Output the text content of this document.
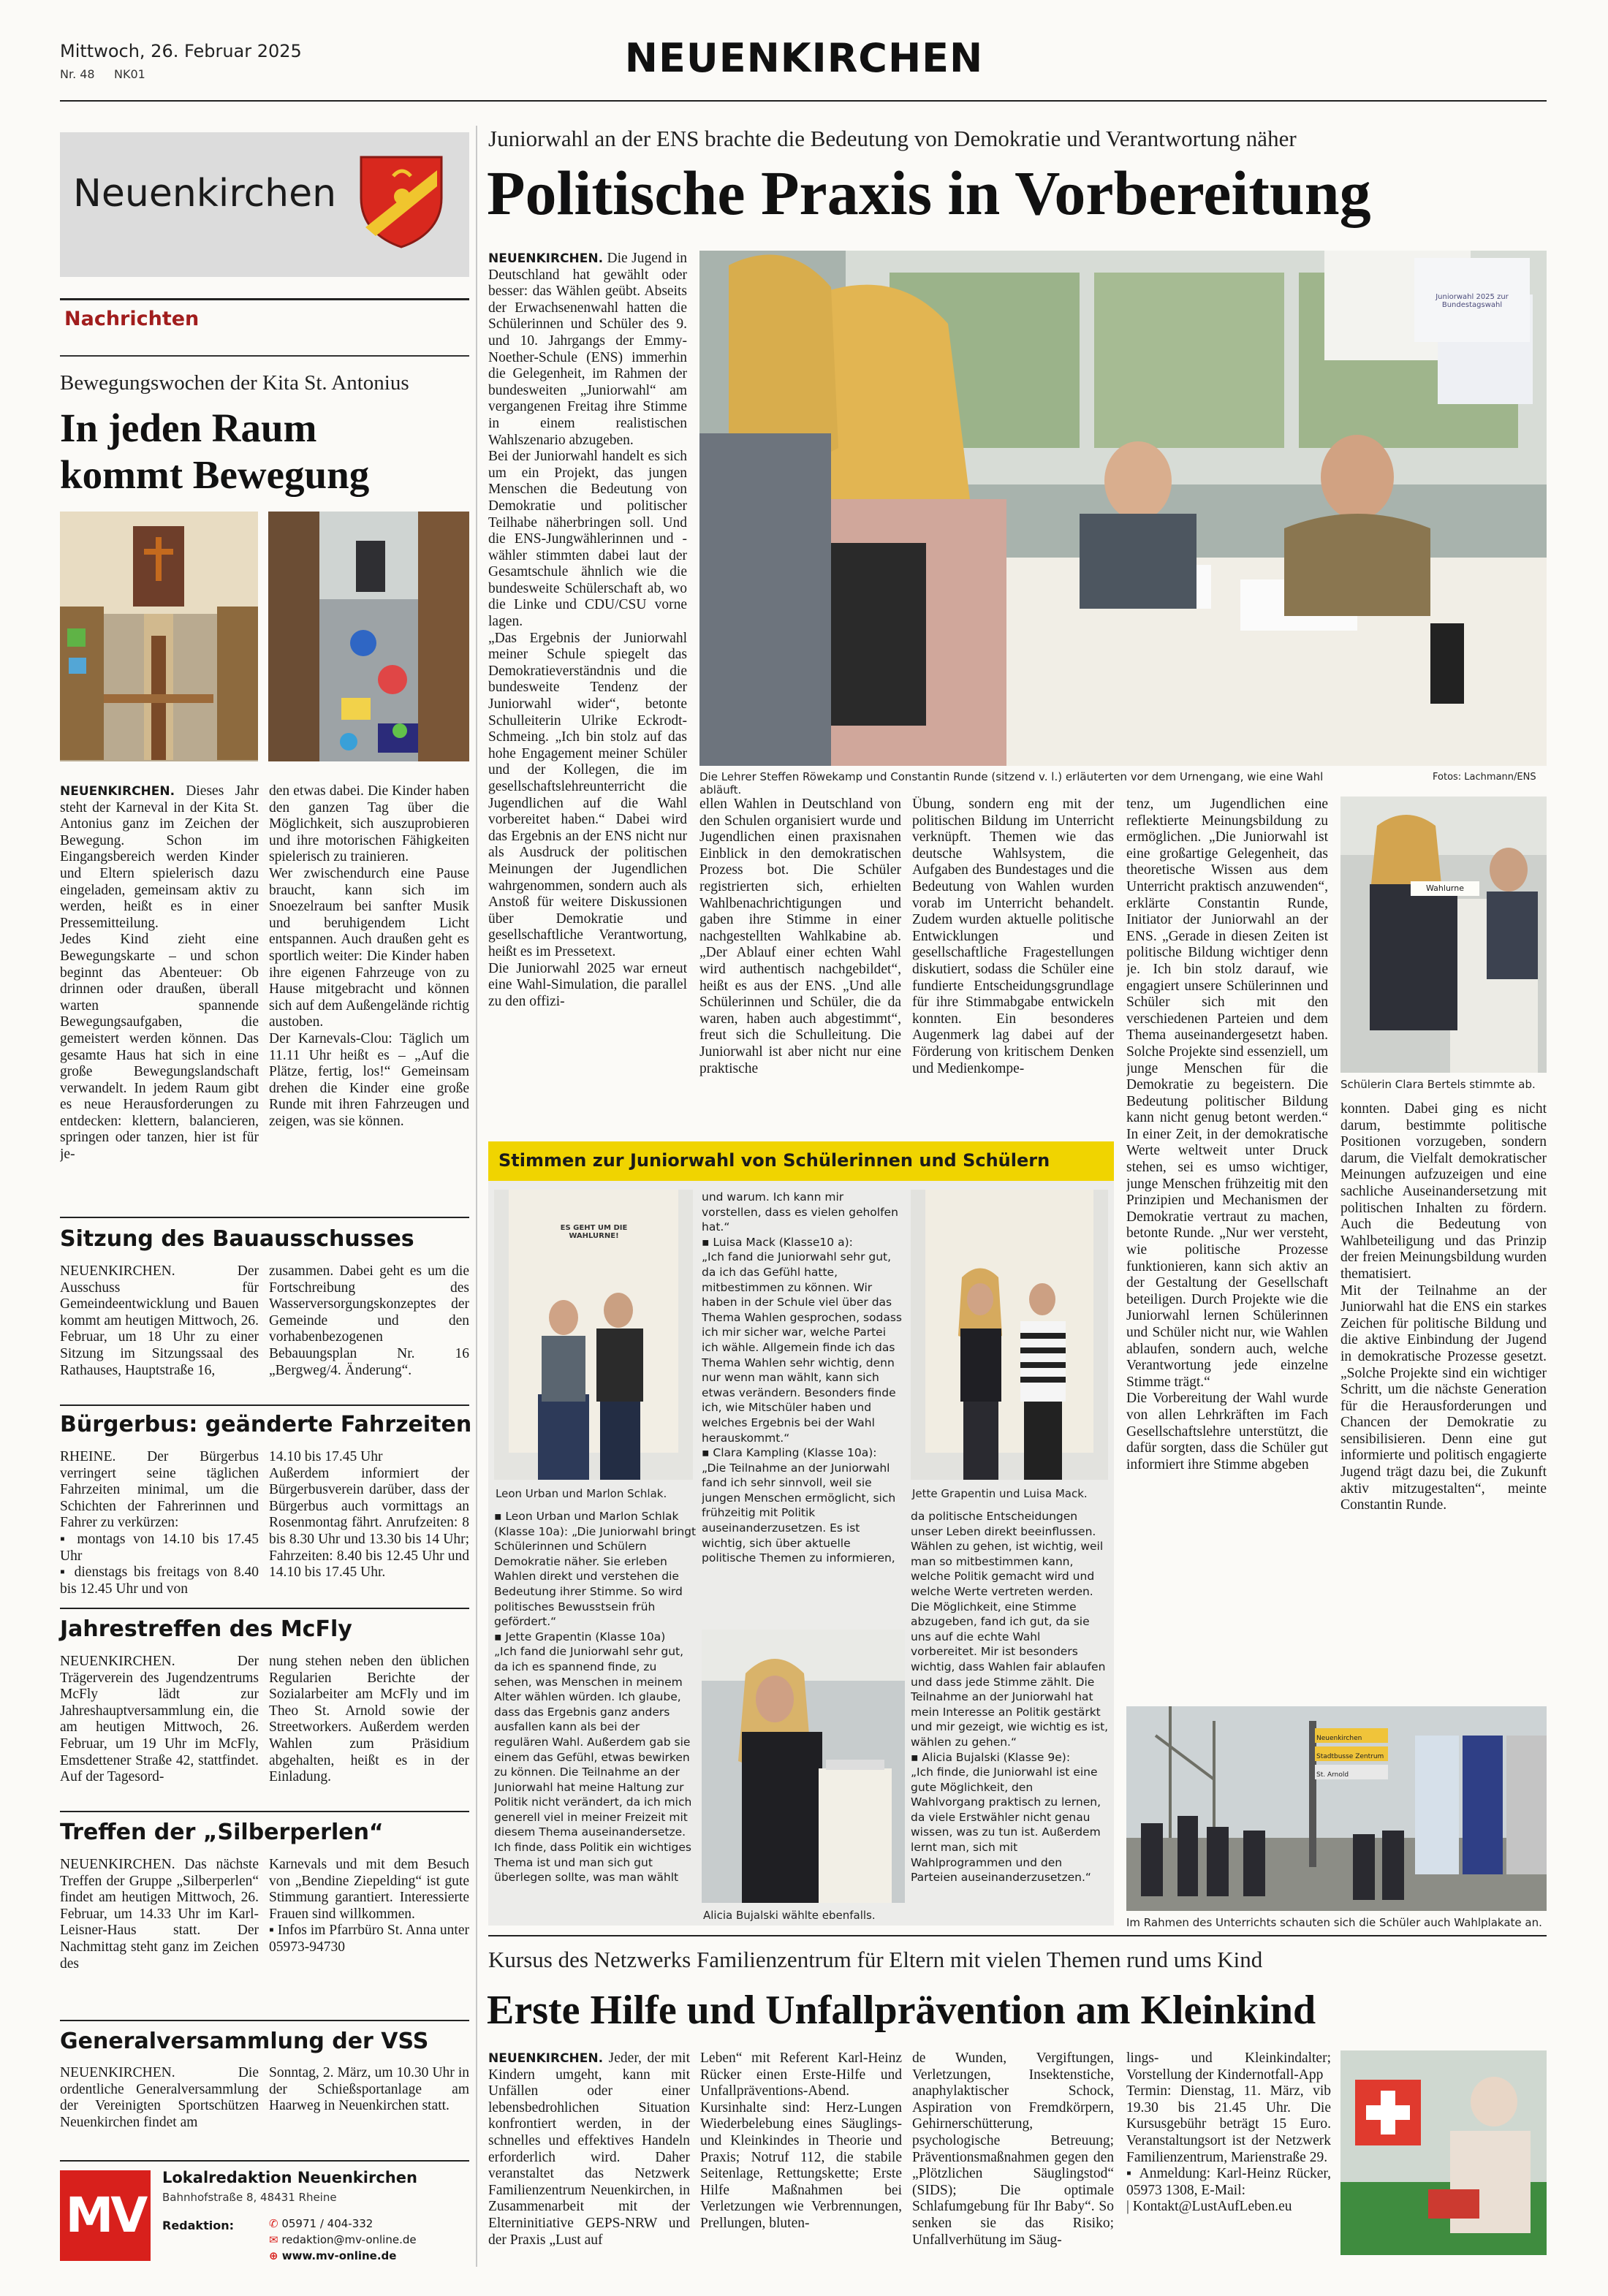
Mittwoch, 26. Februar 2025
Nr. 48 NK01	NEUENKIRCHEN
Neuenkirchen
Nachrichten
Bewegungswochen der Kita St. Antonius
In jeden Raum kommt Bewegung
NEUENKIRCHEN. Dieses Jahr steht der Karneval in der Kita St. Antonius ganz im Zeichen der Bewegung. Schon im Eingangsbereich werden Kinder und Eltern spielerisch dazu eingeladen, gemeinsam aktiv zu werden, heißt es in einer Pressemitteilung.
Jedes Kind zieht eine Bewegungskarte – und schon beginnt das Abenteuer: Ob drinnen oder draußen, überall warten spannende Bewegungsaufgaben, die gemeistert werden können. Das gesamte Haus hat sich in eine große Bewegungslandschaft verwandelt. In jedem Raum gibt es neue Herausforderungen zu entdecken: klettern, balancieren, springen oder tanzen, hier ist für je-
den etwas dabei. Die Kinder haben den ganzen Tag über die Möglichkeit, sich auszuprobieren und ihre motorischen Fähigkeiten spielerisch zu trainieren.
Wer zwischendurch eine Pause braucht, kann sich im Snoezelraum bei sanfter Musik und beruhigendem Licht entspannen. Auch draußen geht es sportlich weiter: Die Kinder haben ihre eigenen Fahrzeuge von zu Hause mitgebracht und können sich auf dem Außengelände richtig austoben.
Der Karnevals-Clou: Täglich um 11.11 Uhr heißt es – „Auf die Plätze, fertig, los!“ Gemeinsam drehen die Kinder eine große Runde mit ihren Fahrzeugen und zeigen, was sie können.
Sitzung des Bauausschusses
NEUENKIRCHEN. Der Ausschuss für Gemeindeentwicklung und Bauen kommt am heutigen Mittwoch, 26. Februar, um 18 Uhr zu einer Sitzung im Sitzungssaal des Rathauses, Hauptstraße 16,
zusammen. Dabei geht es um die Fortschreibung des Wasserversorgungskonzeptes der Gemeinde und den vorhabenbezogenen Bebauungsplan Nr. 16 „Bergweg/4. Änderung“.
Bürgerbus: geänderte Fahrzeiten
RHEINE. Der Bürgerbus verringert seine täglichen Fahrzeiten minimal, um die Schichten der Fahrerinnen und Fahrer zu verkürzen:
▪ montags von 14.10 bis 17.45 Uhr
▪ dienstags bis freitags von 8.40 bis 12.45 Uhr und von
14.10 bis 17.45 Uhr
Außerdem informiert der Bürgerbusverein darüber, dass der Bürgerbus auch vormittags an Rosenmontag fährt. Anrufzeiten: 8 bis 8.30 Uhr und 13.30 bis 14 Uhr; Fahrzeiten: 8.40 bis 12.45 Uhr und 14.10 bis 17.45 Uhr.
Jahrestreffen des McFly
NEUENKIRCHEN. Der Trägerverein des Jugendzentrums McFly lädt zur Jahreshauptversammlung ein, die am heutigen Mittwoch, 26. Februar, um 19 Uhr im McFly, Emsdettener Straße 42, stattfindet. Auf der Tagesord-
nung stehen neben den üblichen Regularien Berichte der Sozialarbeiter am McFly und im Theo St. Arnold sowie der Streetworkers. Außerdem werden Wahlen zum Präsidium abgehalten, heißt es in der Einladung.
Treffen der „Silberperlen“
NEUENKIRCHEN. Das nächste Treffen der Gruppe „Silberperlen“ findet am heutigen Mittwoch, 26. Februar, um 14.33 Uhr im Karl-Leisner-Haus statt. Der Nachmittag steht ganz im Zeichen des
Karnevals und mit dem Besuch von „Bendine Ziepelding“ ist gute Stimmung garantiert. Interessierte Frauen sind willkommen.
▪ Infos im Pfarrbüro St. Anna unter 05973-94730
Generalversammlung der VSS
NEUENKIRCHEN. Die ordentliche Generalversammlung der Vereinigten Sportschützen Neuenkirchen findet am
Sonntag, 2. März, um 10.30 Uhr in der Schießsportanlage am Haarweg in Neuenkirchen statt.
MV
Lokalredaktion Neuenkirchen
Bahnhofstraße 8, 48431 Rheine
Redaktion:	✆ 05971 / 404-332
✉ redaktion@mv-online.de
⊕ www.mv-online.de
Juniorwahl an der ENS brachte die Bedeutung von Demokratie und Verantwortung näher
Politische Praxis in Vorbereitung
NEUENKIRCHEN. Die Jugend in Deutschland hat gewählt oder besser: das Wählen geübt. Abseits der Erwachsenenwahl hatten die Schülerinnen und Schüler des 9. und 10. Jahrgangs der Emmy-Noether-Schule (ENS) immerhin die Gelegenheit, im Rahmen der bundesweiten „Juniorwahl“ am vergangenen Freitag ihre Stimme in einem realistischen Wahlszenario abzugeben.
Bei der Juniorwahl handelt es sich um ein Projekt, das jungen Menschen die Bedeutung von Demokratie und politischer Teilhabe näherbringen soll. Und die ENS-Jungwählerinnen und -wähler stimmten dabei laut der Gesamtschule ähnlich wie die bundesweite Schülerschaft ab, wo die Linke und CDU/CSU vorne lagen.
„Das Ergebnis der Juniorwahl meiner Schule spiegelt das Demokratieverständnis und die bundesweite Tendenz der Juniorwahl wider“, betonte Schulleiterin Ulrike Eckrodt-Schmeing. „Ich bin stolz auf das hohe Engagement meiner Schüler und der Kollegen, die im gesellschaftslehreunterricht die Jugendlichen auf die Wahl vorbereitet haben.“ Dabei wird das Ergebnis an der ENS nicht nur als Ausdruck der politischen Meinungen der Jugendlichen wahrgenommen, sondern auch als Anstoß für weitere Diskussionen über Demokratie und gesellschaftliche Verantwortung, heißt es im Pressetext.
Die Juniorwahl 2025 war erneut eine Wahl-Simulation, die parallel zu den offizi-
Juniorwahl 2025 zur Bundestagswahl
Die Lehrer Steffen Röwekamp und Constantin Runde (sitzend v. l.) erläuterten vor dem Urnengang, wie eine Wahl abläuft.
Fotos: Lachmann/ENS
ellen Wahlen in Deutschland von den Schulen organisiert wurde und Jugendlichen einen praxisnahen Einblick in den demokratischen Prozess bot. Die Schüler registrierten sich, erhielten Wahlbenachrichtigungen und gaben ihre Stimme in einer nachgestellten Wahlkabine ab. „Der Ablauf einer echten Wahl wird authentisch nachgebildet“, heißt es aus der ENS. „Und alle Schülerinnen und Schüler, die da waren, haben auch abgestimmt“, freut sich die Schulleitung. Die Juniorwahl ist aber nicht nur eine praktische
Übung, sondern eng mit der politischen Bildung im Unterricht verknüpft. Themen wie das deutsche Wahlsystem, die Aufgaben des Bundestages und die Bedeutung von Wahlen wurden vorab im Unterricht behandelt. Zudem wurden aktuelle politische Entwicklungen und gesellschaftliche Fragestellungen diskutiert, sodass die Schüler eine fundierte Entscheidungsgrundlage für ihre Stimmabgabe entwickeln konnten. Ein besonderes Augenmerk lag dabei auf der Förderung von kritischem Denken und Medienkompe-
tenz, um Jugendlichen eine reflektierte Meinungsbildung zu ermöglichen. „Die Juniorwahl ist eine großartige Gelegenheit, das theoretische Wissen aus dem Unterricht praktisch anzuwenden“, erklärte Constantin Runde, Initiator der Juniorwahl an der ENS. „Gerade in diesen Zeiten ist politische Bildung wichtiger denn je. Ich bin stolz darauf, wie engagiert unsere Schülerinnen und Schüler sich mit den verschiedenen Parteien und dem Thema auseinandergesetzt haben. Solche Projekte sind essenziell, um junge Menschen für die Demokratie zu begeistern. Die Bedeutung politischer Bildung kann nicht genug betont werden.“ In einer Zeit, in der demokratische Werte weltweit unter Druck stehen, sei es umso wichtiger, junge Menschen frühzeitig mit den Prinzipien und Mechanismen der Demokratie vertraut zu machen, betonte Runde. „Nur wer versteht, wie politische Prozesse funktionieren, kann sich aktiv an der Gestaltung der Gesellschaft beteiligen. Durch Projekte wie die Juniorwahl lernen Schülerinnen und Schüler nicht nur, wie Wahlen ablaufen, sondern auch, welche Verantwortung jede einzelne Stimme trägt.“
Die Vorbereitung der Wahl wurde von allen Lehrkräften im Fach Gesellschaftslehre unterstützt, die dafür sorgten, dass die Schüler gut informiert ihre Stimme abgeben
Wahlurne
Schülerin Clara Bertels stimmte ab.
konnten. Dabei ging es nicht darum, bestimmte politische Positionen vorzugeben, sondern darum, die Vielfalt demokratischer Meinungen aufzuzeigen und eine sachliche Auseinandersetzung mit politischen Inhalten zu fördern. Auch die Bedeutung von Wahlbeteiligung und das Prinzip der freien Meinungsbildung wurden thematisiert.
Mit der Teilnahme an der Juniorwahl hat die ENS ein starkes Zeichen für politische Bildung und die aktive Einbindung der Jugend in demokratische Prozesse gesetzt. „Solche Projekte sind ein wichtiger Schritt, um die nächste Generation für die Herausforderungen und Chancen der Demokratie zu sensibilisieren. Denn eine gut informierte und politisch engagierte Jugend trägt dazu bei, die Zukunft aktiv mitzugestalten“, meinte Constantin Runde.
Stimmen zur Juniorwahl von Schülerinnen und Schülern
ES GEHT UM DIE WAHLURNE!
Leon Urban und Marlon Schlak.
▪ Leon Urban und Marlon Schlak (Klasse 10a): „Die Juniorwahl bringt Schülerinnen und Schülern Demokratie näher. Sie erleben Wahlen direkt und verstehen die Bedeutung ihrer Stimme. So wird politisches Bewusstsein früh gefördert.“
▪ Jette Grapentin (Klasse 10a)
„Ich fand die Juniorwahl sehr gut, da ich es spannend finde, zu sehen, was Menschen in meinem Alter wählen würden. Ich glaube, dass das Ergebnis ganz anders ausfallen kann als bei der regulären Wahl. Außerdem gab sie einem das Gefühl, etwas bewirken zu können. Die Teilnahme an der Juniorwahl hat meine Haltung zur Politik nicht verändert, da ich mich generell viel in meiner Freizeit mit diesem Thema auseinandersetze. Ich finde, dass Politik ein wichtiges Thema ist und man sich gut überlegen sollte, was man wählt
und warum. Ich kann mir vorstellen, dass es vielen geholfen hat.“
▪ Luisa Mack (Klasse10 a):
„Ich fand die Juniorwahl sehr gut, da ich das Gefühl hatte, mitbestimmen zu können. Wir haben in der Schule viel über das Thema Wahlen gesprochen, sodass ich mir sicher war, welche Partei ich wähle. Allgemein finde ich das Thema Wahlen sehr wichtig, denn nur wenn man wählt, kann sich etwas verändern. Besonders finde ich, wie Mitschüler haben und welches Ergebnis bei der Wahl herauskommt.“
▪ Clara Kampling (Klasse 10a):
„Die Teilnahme an der Juniorwahl fand ich sehr sinnvoll, weil sie jungen Menschen ermöglicht, sich frühzeitig mit Politik auseinanderzusetzen. Es ist wichtig, sich über aktuelle politische Themen zu informieren,
Alicia Bujalski wählte ebenfalls.
Jette Grapentin und Luisa Mack.
da politische Entscheidungen unser Leben direkt beeinflussen. Wählen zu gehen, ist wichtig, weil man so mitbestimmen kann, welche Politik gemacht wird und welche Werte vertreten werden. Die Möglichkeit, eine Stimme abzugeben, fand ich gut, da sie uns auf die echte Wahl vorbereitet. Mir ist besonders wichtig, dass Wahlen fair ablaufen und dass jede Stimme zählt. Die Teilnahme an der Juniorwahl hat mein Interesse an Politik gestärkt und mir gezeigt, wie wichtig es ist, wählen zu gehen.“
▪ Alicia Bujalski (Klasse 9e):
„Ich finde, die Juniorwahl ist eine gute Möglichkeit, den Wahlvorgang praktisch zu lernen, da viele Erstwähler nicht genau wissen, was zu tun ist. Außerdem lernt man, sich mit Wahlprogrammen und den Parteien auseinanderzusetzen.“
Neuenkirchen
Stadtbusse Zentrum
St. Arnold
Im Rahmen des Unterrichts schauten sich die Schüler auch Wahlplakate an.
Kursus des Netzwerks Familienzentrum für Eltern mit vielen Themen rund ums Kind
Erste Hilfe und Unfallprävention am Kleinkind
NEUENKIRCHEN. Jeder, der mit Kindern umgeht, kann mit Unfällen oder einer lebensbedrohlichen Situation konfrontiert werden, in der schnelles und effektives Handeln erforderlich wird. Daher veranstaltet das Netzwerk Familienzentrum Neuenkirchen, in Zusammenarbeit mit der Elterninitiative GEPS-NRW und der Praxis „Lust auf
Leben“ mit Referent Karl-Heinz Rücker einen Erste-Hilfe und Unfallpräventions-Abend. Kursinhalte sind: Herz-Lungen Wiederbelebung eines Säuglings- und Kleinkindes in Theorie und Praxis; Notruf 112, die stabile Seitenlage, Rettungskette; Erste Hilfe Maßnahmen bei Verletzungen wie Verbrennungen, Prellungen, bluten-
de Wunden, Vergiftungen, Verletzungen, Insektenstiche, anaphylaktischer Schock, Aspiration von Fremdkörpern, Gehirnerschütterung, psychologische Betreuung; Präventionsmaßnahmen gegen den „Plötzlichen Säuglingstod“ (SIDS); Die optimale Schlafumgebung für Ihr Baby“. So senken sie das Risiko; Unfallverhütung im Säug-
lings- und Kleinkindalter; Vorstellung der Kindernotfall-App
Termin: Dienstag, 11. März, vib 19.30 bis 21.45 Uhr. Die Kursusgebühr beträgt 15 Euro. Veranstaltungsort ist der Netzwerk Familienzentrum, Marienstraße 29.
▪ Anmeldung: Karl-Heinz Rücker, 05973 1308, E-Mail:
| Kontakt@LustAufLeben.eu
